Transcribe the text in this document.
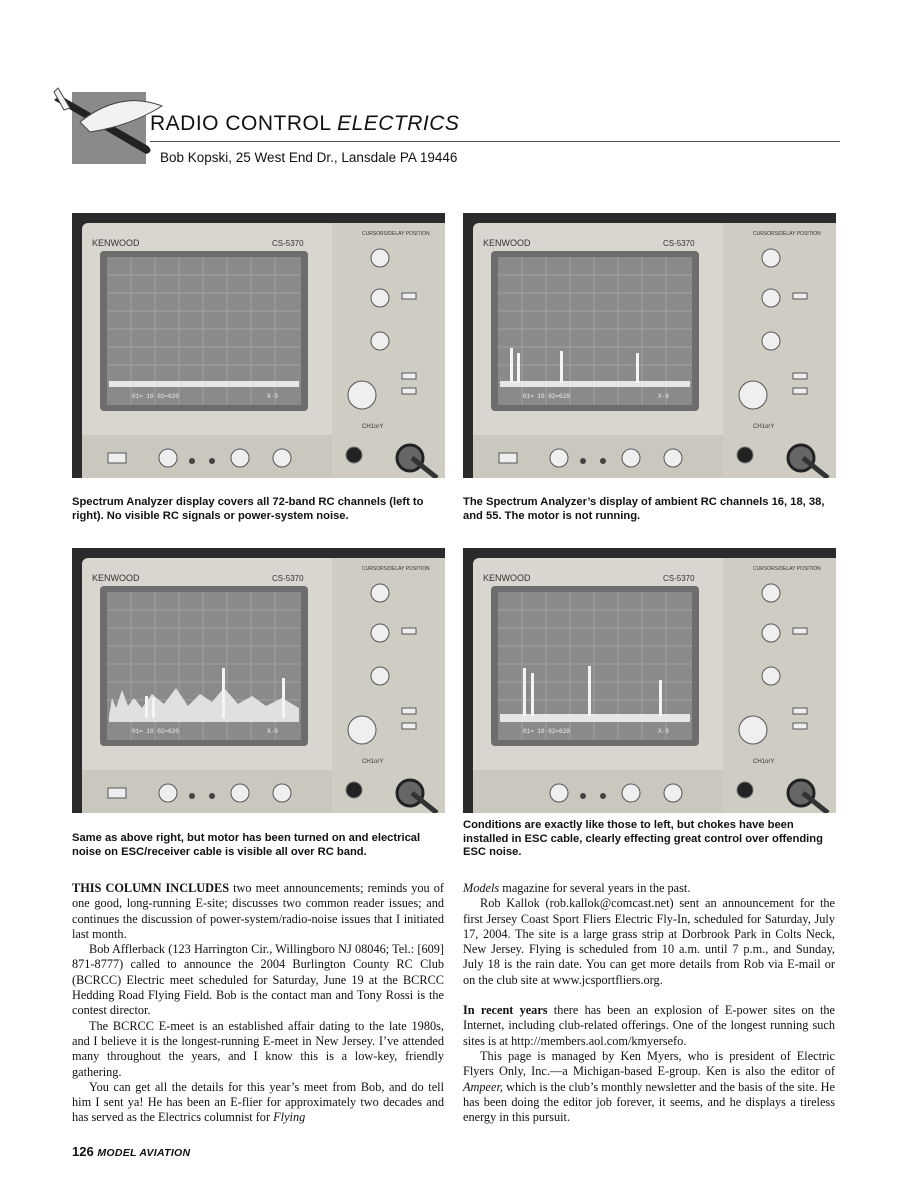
RADIO CONTROL ELECTRICS
Bob Kopski, 25 West End Dr., Lansdale PA 19446
KENWOOD	CS-5370
CURSORS/DELAY POSITION
01= 10 02=620	X-9
CH1orY
KENWOOD	CS-5370
CURSORS/DELAY POSITION
01= 10 02=620	X-9
CH1orY
Spectrum Analyzer display covers all 72-band RC channels (left to right). No visible RC signals or power-system noise.
The Spectrum Analyzer’s display of ambient RC channels 16, 18, 38, and 55. The motor is not running.
KENWOOD	CS-5370
CURSORS/DELAY POSITION
01= 10 02=620	X-9
CH1orY
KENWOOD	CS-5370
CURSORS/DELAY POSITION
01= 10 02=620	X-9
CH1orY
Same as above right, but motor has been turned on and electrical noise on ESC/receiver cable is visible all over RC band.
Conditions are exactly like those to left, but chokes have been installed in ESC cable, clearly effecting great control over offending ESC noise.

THIS COLUMN INCLUDES two meet announcements; reminds you of one good, long-running E-site; discusses two common reader issues; and continues the discussion of power-system/radio-noise issues that I initiated last month.

Bob Afflerback (123 Harrington Cir., Willingboro NJ 08046; Tel.: [609] 871-8777) called to announce the 2004 Burlington County RC Club (BCRCC) Electric meet scheduled for Saturday, June 19 at the BCRCC Hedding Road Flying Field. Bob is the contact man and Tony Rossi is the contest director.

The BCRCC E-meet is an established affair dating to the late 1980s, and I believe it is the longest-running E-meet in New Jersey. I’ve attended many throughout the years, and I know this is a low-key, friendly gathering.

You can get all the details for this year’s meet from Bob, and do tell him I sent ya! He has been an E-flier for approximately two decades and has served as the Electrics columnist for Flying

Models magazine for several years in the past.

Rob Kallok (rob.kallok@comcast.net) sent an announcement for the first Jersey Coast Sport Fliers Electric Fly-In, scheduled for Saturday, July 17, 2004. The site is a large grass strip at Dorbrook Park in Colts Neck, New Jersey. Flying is scheduled from 10 a.m. until 7 p.m., and Sunday, July 18 is the rain date. You can get more details from Rob via E-mail or on the club site at www.jcsportfliers.org.

In recent years there has been an explosion of E-power sites on the Internet, including club-related offerings. One of the longest running such sites is at http://members.aol.com/kmyersefo.

This page is managed by Ken Myers, who is president of Electric Flyers Only, Inc.—a Michigan-based E-group. Ken is also the editor of Ampeer, which is the club’s monthly newsletter and the basis of the site. He has been doing the editor job forever, it seems, and he displays a tireless energy in this pursuit.

126 MODEL AVIATION
